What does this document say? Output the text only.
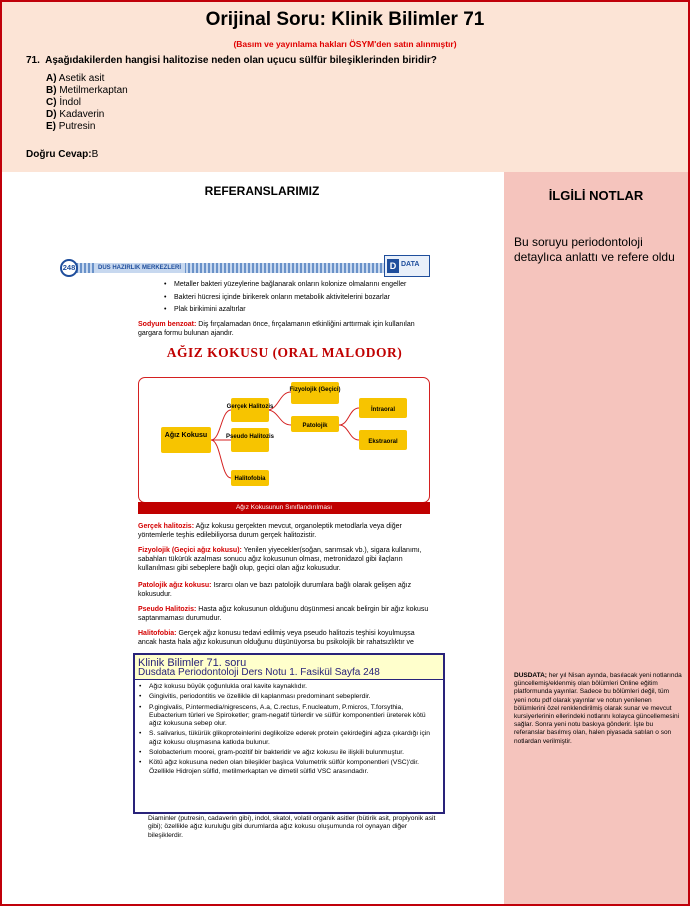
Orijinal Soru: Klinik Bilimler 71
(Basım ve yayınlama hakları ÖSYM'den satın alınmıştır)
71. Aşağıdakilerden hangisi halitozise neden olan uçucu sülfür bileşiklerinden biridir?
A) Asetik asit
B) Metilmerkaptan
C) İndol
D) Kadaverin
E) Putresin
Doğru Cevap:B
REFERANSLARIMIZ
248	DUS HAZIRLIK MERKEZLERİ	D DATA
• Metaller bakteri yüzeylerine bağlanarak onların kolonize olmalarını engeller
• Bakteri hücresi içinde birikerek onların metabolik aktivitelerini bozarlar
• Plak birikimini azaltırlar
Sodyum benzoat: Diş fırçalamadan önce, fırçalamanın etkinliğini arttırmak için kullanılan gargara formu bulunan ajandır.
AĞIZ KOKUSU (ORAL MALODOR)
Ağız Kokusu
Gerçek Halitozis
Pseudo Halitozis
Halitofobia
Fizyolojik (Geçici)
Patolojik
İntraoral
Ekstraoral
Ağız Kokusunun Sınıflandırılması
Gerçek halitozis: Ağız kokusu gerçekten mevcut, organoleptik metodlarla veya diğer yöntemlerle teşhis edilebiliyorsa durum gerçek halitozistir.
Fizyolojik (Geçici ağız kokusu): Yenilen yiyecekler(soğan, sarımsak vb.), sigara kullanımı, sabahları tükürük azalması sonucu ağız kokusunun olması, metronidazol gibi ilaçların kullanılması gibi sebeplere bağlı olup, geçici olan ağız kokusudur.
Patolojik ağız kokusu: Israrcı olan ve bazı patolojik durumlara bağlı olarak gelişen ağız kokusudur.
Pseudo Halitozis: Hasta ağız kokusunun olduğunu düşünmesi ancak belirgin bir ağız kokusu saptanmaması durumudur.
Halitofobia: Gerçek ağız konusu tedavi edilmiş veya pseudo halitozis teşhisi koyulmuşsa ancak hasta hala ağız kokusunun olduğunu düşünüyorsa bu psikolojik bir rahatsızlıktır ve
Klinik Bilimler 71. soru
Dusdata Periodontoloji Ders Notu 1. Fasikül Sayfa 248
• Ağız kokusu büyük çoğunlukla oral kavite kaynaklıdır.
• Gingivitis, periodontitis ve özellikle dil kaplanması predominant sebeplerdir.
• P.gingivalis, P.intermedia/nigrescens, A.a, C.rectus, F.nucleatum, P.micros, T.forsythia, Eubacterium türleri ve Spiroketler; gram-negatif türlerdir ve sülfür komponentleri üreterek kötü ağız kokusuna sebep olur.
• S. salivarius, tükürük glikoproteinlerini deglikolize ederek protein çekirdeğini ağıza çıkardığı için ağız kokusu oluşmasına katkıda bulunur.
• Solobacterium moorei, gram-pozitif bir bakteridir ve ağız kokusu ile ilişkili bulunmuştur.
• Kötü ağız kokusuna neden olan bileşikler başlıca Volumetrik sülfür komponentleri (VSC)'dir. Özellikle Hidrojen sülfid, metilmerkaptan ve dimetil sülfid VSC arasındadır.
Diaminler (putresin, cadaverin gibi), indol, skatol, volatil organik asitler (bütirik asit, propiyonik asit gibi); özellikle ağız kuruluğu gibi durumlarda ağız kokusu oluşumunda rol oynayan diğer bileşiklerdir.
İLGİLİ NOTLAR
Bu soruyu periodontoloji detaylıca anlattı ve refere oldu
DUSDATA; her yıl Nisan ayında, basılacak yeni notlarında güncellemiş/eklenmiş olan bölümleri Online eğitim platformunda yayınlar. Sadece bu bölümleri değil, tüm yeni notu pdf olarak yayınlar ve notun yenilenen bölümlerini özel renklendirilmiş olarak sunar ve mevcut kursiyerlerinin ellerindeki notlarını kolayca güncellemesini sağlar. Sonra yeni notu baskıya gönderir. İşte bu referanslar basılmış olan, halen piyasada satılan o son notlardan verilmiştir.
